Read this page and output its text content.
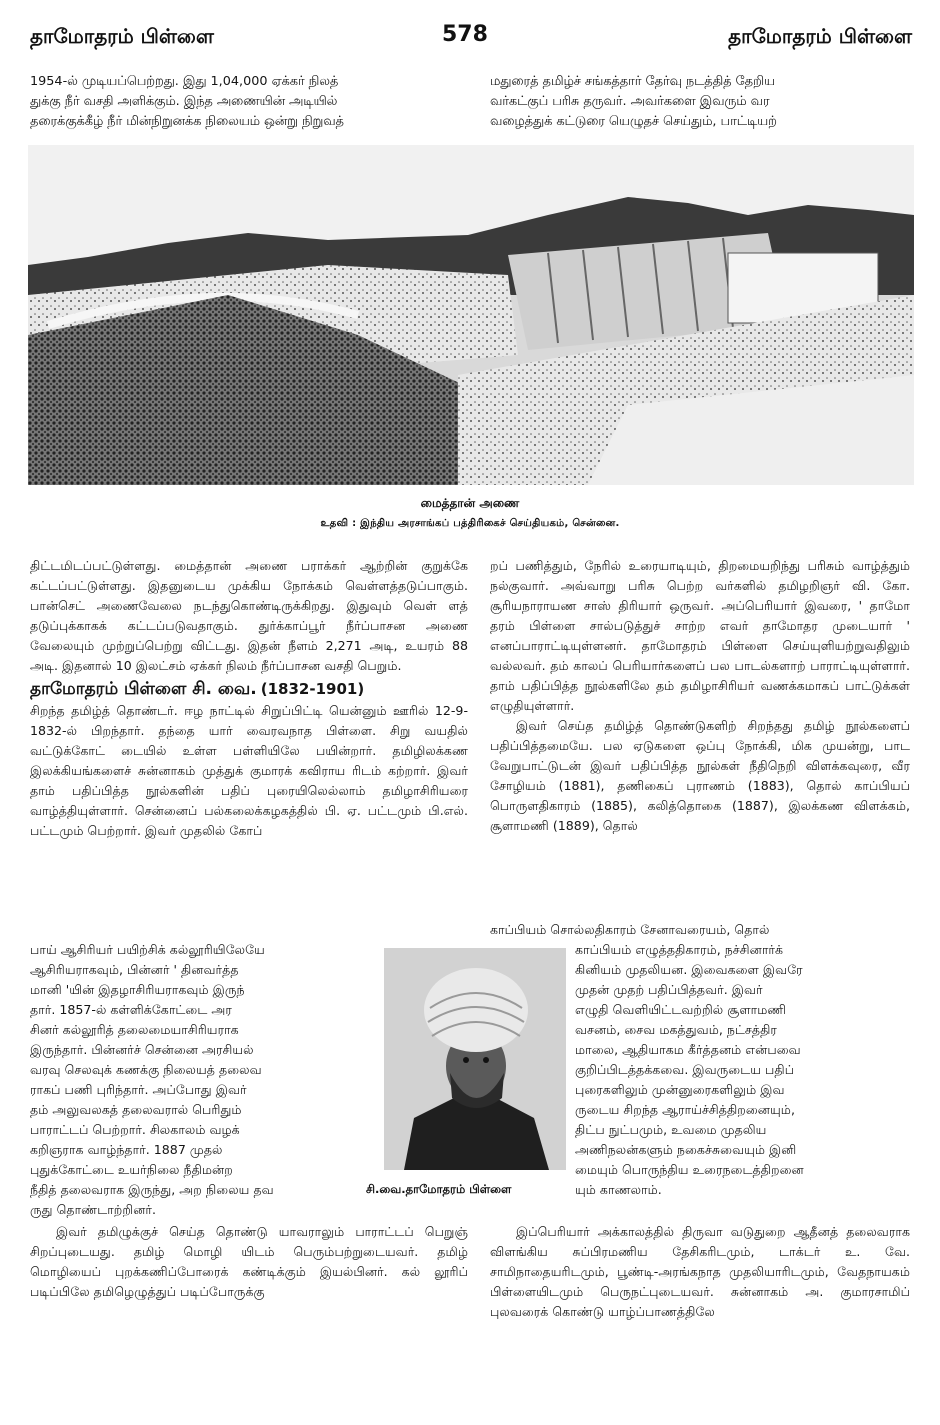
தாமோதரம் பிள்ளை	578	தாமோதரம் பிள்ளை
1954-ல் முடியப்பெற்றது. இது 1,04,000 ஏக்கர் நிலத்
துக்கு நீர் வசதி அளிக்கும். இந்த அணையின் அடியில்
தரைக்குக்கீழ் நீர் மின்நிறுனக்க நிலையம் ஒன்று நிறுவத்
மதுரைத் தமிழ்ச் சங்கத்தார் தேர்வு நடத்தித் தேறிய
வர்கட்குப் பரிசு தருவர். அவர்களை இவரும் வர
வழைத்துக் கட்டுரை யெழுதச் செய்தும், பாட்டியற்
மைத்தான் அணை
உதவி : இந்திய அரசாங்கப் பத்திரிகைச் செய்தியகம், சென்னை.

திட்டமிடப்பட்டுள்ளது. மைத்தான் அணை பராக்கர் ஆற்றின் குறுக்கே கட்டப்பட்டுள்ளது. இதனுடைய முக்கிய நோக்கம் வெள்ளத்தடுப்பாகும். பான்செட் அணைவேலை நடந்துகொண்டிருக்கிறது. இதுவும் வெள் ளத் தடுப்புக்காகக் கட்டப்படுவதாகும். துர்க்காப்பூர் நீர்ப்பாசன அணை வேலையும் முற்றுப்பெற்று விட்டது. இதன் நீளம் 2,271 அடி, உயரம் 88 அடி. இதனால் 10 இலட்சம் ஏக்கர் நிலம் நீர்ப்பாசன வசதி பெறும்.

தாமோதரம் பிள்ளை சி. வை. (1832-1901)

சிறந்த தமிழ்த் தொண்டர். ஈழ நாட்டில் சிறுப்பிட்டி யென்னும் ஊரில் 12-9-1832-ல் பிறந்தார். தந்தை யார் வைரவநாத பிள்ளை. சிறு வயதில் வட்டுக்கோட் டையில் உள்ள பள்ளியிலே பயின்றார். தமிழிலக்கண இலக்கியங்களைச் சுன்னாகம் முத்துக் குமாரக் கவிராய ரிடம் கற்றார். இவர் தாம் பதிப்பித்த நூல்களின் பதிப் புரையிலெல்லாம் தமிழாசிரியரை வாழ்த்தியுள்ளார். சென்னைப் பல்கலைக்கழகத்தில் பி. ஏ. பட்டமும் பி.எல். பட்டமும் பெற்றார். இவர் முதலில் கோப்

பாய் ஆசிரியர் பயிற்சிக் கல்லூரியிலேயே
ஆசிரியராகவும், பின்னர் ' தினவர்த்த
மானி 'யின் இதழாசிரியராகவும் இருந்
தார். 1857-ல் கள்ளிக்கோட்டை அர
சினர் கல்லூரித் தலைமையாசிரியராக
இருந்தார். பின்னர்ச் சென்னை அரசியல்
வரவு செலவுக் கணக்கு நிலையத் தலைவ
ராகப் பணி புரிந்தார். அப்போது இவர்
தம் அலுவலகத் தலைவரால் பெரிதும்
பாராட்டப் பெற்றார். சிலகாலம் வழக்
கறிஞராக வாழ்ந்தார். 1887 முதல்
புதுக்கோட்டை உயர்நிலை நீதிமன்ற
நீதித் தலைவராக இருந்து, அற நிலைய தவ
ருது தொண்டாற்றினர்.

இவர் தமிழுக்குச் செய்த தொண்டு யாவராலும் பாராட்டப் பெறுஞ் சிறப்புடையது. தமிழ் மொழி யிடம் பெரும்பற்றுடையவர். தமிழ் மொழியைப் புறக்கணிப்போரைக் கண்டிக்கும் இயல்பினர். கல் லூரிப் படிப்பிலே தமிழெழுத்துப் படிப்போருக்கு

சி.வை.தாமோதரம் பிள்ளை

றப் பணித்தும், நேரில் உரையாடியும், திறமையறிந்து பரிசும் வாழ்த்தும் நல்குவார். அவ்வாறு பரிசு பெற்ற வர்களில் தமிழறிஞர் வி. கோ. சூரியநாராயண சாஸ் திரியார் ஒருவர். அப்பெரியார் இவரை, ' தாமோ தரம் பிள்ளை சால்படுத்துச் சாற்ற எவர் தாமோதர முடையார் ' எனப்பாராட்டியுள்ளனர். தாமோதரம் பிள்ளை செய்யுளியற்றுவதிலும் வல்லவர். தம் காலப் பெரியார்களைப் பல பாடல்களாற் பாராட்டியுள்ளார். தாம் பதிப்பித்த நூல்களிலே தம் தமிழாசிரியர் வணக்கமாகப் பாட்டுக்கள் எழுதியுள்ளார்.

இவர் செய்த தமிழ்த் தொண்டுகளிற் சிறந்தது தமிழ் நூல்களைப் பதிப்பித்தமையே. பல ஏடுகளை ஒப்பு நோக்கி, மிக முயன்று, பாட வேறுபாட்டுடன் இவர் பதிப்பித்த நூல்கள் நீதிநெறி விளக்கவுரை, வீர சோழியம் (1881), தணிகைப் புராணம் (1883), தொல் காப்பியப் பொருளதிகாரம் (1885), கலித்தொகை (1887), இலக்கண விளக்கம், சூளாமணி (1889), தொல்

காப்பியம் சொல்லதிகாரம் சேனாவரையம், தொல்
காப்பியம் எழுத்ததிகாரம், நச்சினார்க்
கினியம் முதலியன. இவைகளை இவரே
முதன் முதற் பதிப்பித்தவர். இவர்
எழுதி வெளியிட்டவற்றில் சூளாமணி
வசனம், சைவ மகத்துவம், நட்சத்திர
மாலை, ஆதியாகம கீர்த்தனம் என்பவை
குறிப்பிடத்தக்கவை. இவருடைய பதிப்
புரைகளிலும் முன்னுரைகளிலும் இவ
ருடைய சிறந்த ஆராய்ச்சித்திறனையும்,
திட்ப நுட்பமும், உவமை முதலிய
அணிநலன்களும் நகைச்சுவையும் இனி
மையும் பொருந்திய உரைநடைத்திறனை
யும் காணலாம்.

இப்பெரியார் அக்காலத்தில் திருவா வடுதுறை ஆதீனத் தலைவராக விளங்கிய சுப்பிரமணிய தேசிகரிடமும், டாக்டர் உ. வே. சாமிநாதையரிடமும், பூண்டி-அரங்கநாத முதலியாரிடமும், வேதநாயகம் பிள்ளையிடமும் பெருநட்புடையவர். சுன்னாகம் அ. குமாரசாமிப் புலவரைக் கொண்டு யாழ்ப்பாணத்திலே
